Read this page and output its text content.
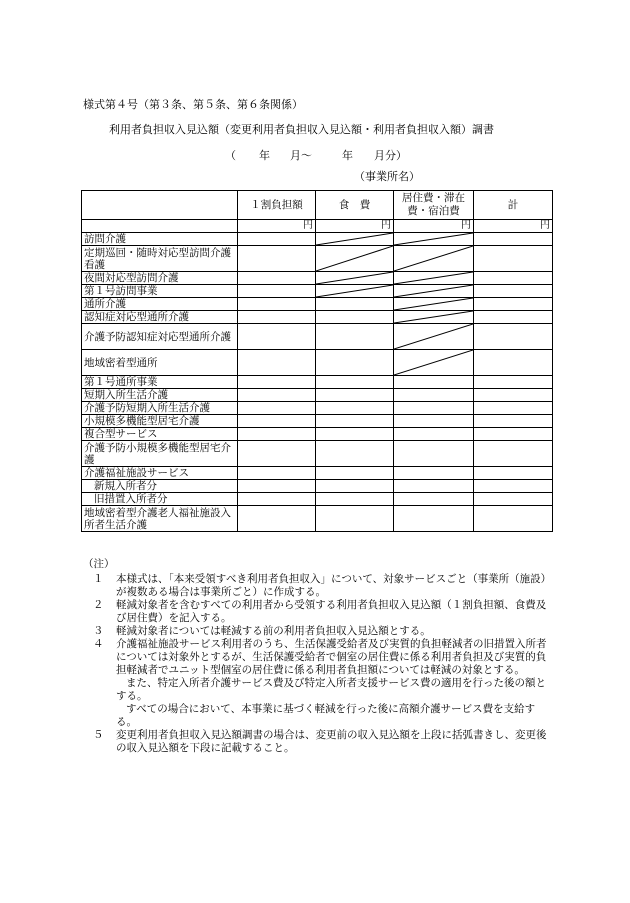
様式第４号（第３条、第５条、第６条関係）
利用者負担収入見込額（変更利用者負担収入見込額・利用者負担収入額）調書
（ 年 月～	年 月分）
（事業所名）
	１割負担額	食　費	居住費・滞在費・宿泊費	計
	円	円	円	円
訪問介護		

定期巡回・随時対応型訪問介護看護		

夜間対応型訪問介護		

第１号訪問事業		

通所介護			

認知症対応型通所介護			

介護予防認知症対応型通所介護			

地域密着型通所			

第１号通所事業				
短期入所生活介護				
介護予防短期入所生活介護				
小規模多機能型居宅介護				
複合型サービス				
介護予防小規模多機能型居宅介護				
介護福祉施設サービス				
新規入所者分				
旧措置入所者分				
地域密着型介護老人福祉施設入所者生活介護				
（注）
１ 本様式は、「本来受領すべき利用者負担収入」について、対象サービスごと（事業所（施設）が複数ある場合は事業所ごと）に作成する。
２ 軽減対象者を含むすべての利用者から受領する利用者負担収入見込額（１割負担額、食費及び居住費）を記入する。
３ 軽減対象者については軽減する前の利用者負担収入見込額とする。
４ 介護福祉施設サービス利用者のうち、生活保護受給者及び実質的負担軽減者の旧措置入所者については対象外とするが、生活保護受給者で個室の居住費に係る利用者負担及び実質的負担軽減者でユニット型個室の居住費に係る利用者負担額については軽減の対象とする。
また、特定入所者介護サービス費及び特定入所者支援サービス費の適用を行った後の額とする。
すべての場合において、本事業に基づく軽減を行った後に高額介護サービス費を支給する。
５ 変更利用者負担収入見込額調書の場合は、変更前の収入見込額を上段に括弧書きし、変更後の収入見込額を下段に記載すること。
